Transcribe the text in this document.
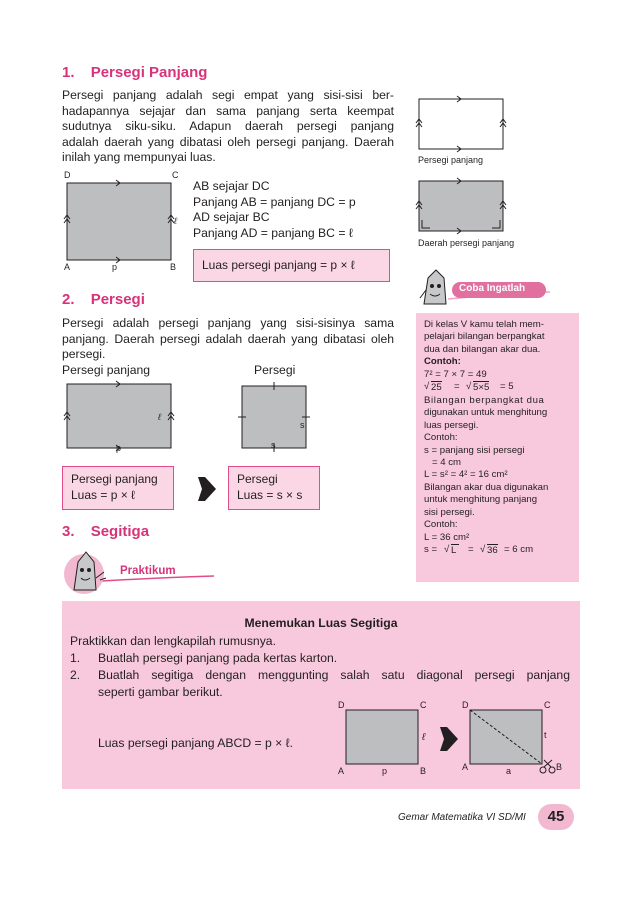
1. Persegi Panjang
Persegi panjang adalah segi empat yang sisi-sisi ber-
hadapannya sejajar dan sama panjang serta keempat
sudutnya siku-siku. Adapun daerah persegi panjang
adalah daerah yang dibatasi oleh persegi panjang. Daerah
inilah yang mempunyai luas.
D	C
A	B
p
ℓ
AB sejajar DC
Panjang AB = panjang DC = p
AD sejajar BC
Panjang AD = panjang BC = ℓ
Luas persegi panjang = p × ℓ
Persegi panjang
Daerah persegi panjang
Coba Ingatlah
Di kelas V kamu telah mem-
pelajari bilangan berpangkat
dua dan bilangan akar dua.
Contoh:
7² = 7 × 7 = 49
√ 25 = √ 5×5 = 5
Bilangan berpangkat dua
digunakan untuk menghitung
luas persegi.
Contoh:
s = panjang sisi persegi
= 4 cm
L = s² = 4² = 16 cm²
Bilangan akar dua digunakan
untuk menghitung panjang
sisi persegi.
Contoh:
L = 36 cm²
s = √ L	= √ 36 = 6 cm
2. Persegi
Persegi adalah persegi panjang yang sisi-sisinya sama
panjang. Daerah persegi adalah daerah yang dibatasi oleh
persegi.
Persegi panjang	Persegi
p
ℓ
s
s
Persegi panjang
Luas = p × ℓ
Persegi
Luas = s × s
3. Segitiga
Praktikum
Menemukan Luas Segitiga
Praktikkan dan lengkapilah rumusnya.
1. Buatlah persegi panjang pada kertas karton.
2. Buatlah segitiga dengan menggunting salah satu diagonal persegi panjang
seperti gambar berikut.
Luas persegi panjang ABCD = p × ℓ.
D	C
A	B
p
ℓ
D	C
A	B
a
t
Gemar Matematika VI SD/MI	45
